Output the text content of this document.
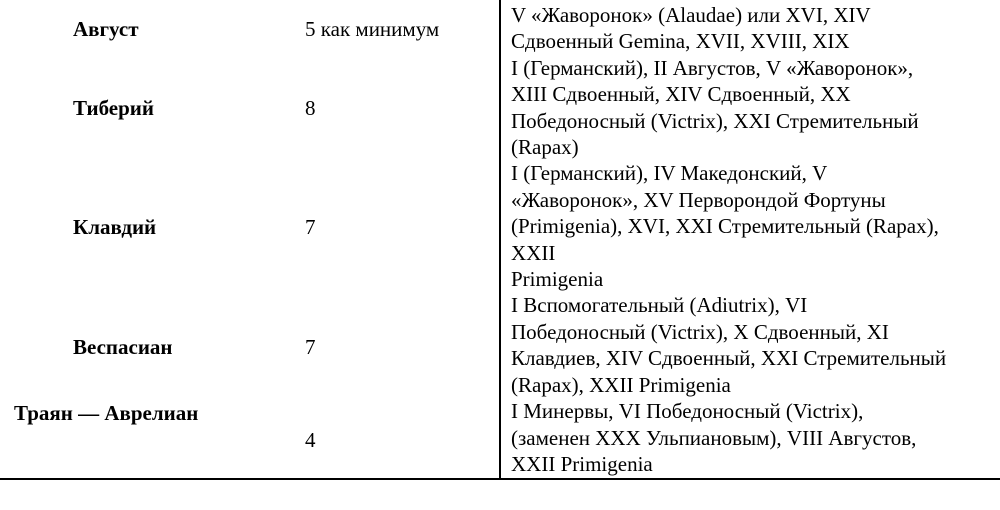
Август
Тиберий
Клавдий
Веспасиан
Траян — Аврелиан
5 как минимум
8
7
7
4
V «Жаворонок» (Alaudae) или XVI, XIV
Сдвоенный Gemina, XVII, XVIII, XIX
I (Германский), II Августов, V «Жаворонок»,
XIII Сдвоенный, XIV Сдвоенный, XX
Победоносный (Victrix), XXI Стремительный
(Rapax)
I (Германский), IV Македонский, V
«Жаворонок», XV Перворондой Фортуны
(Primigenia), XVI, XXI Стремительный (Rapax),
XXII
Primigenia
I Вспомогательный (Adiutrix), VI
Победоносный (Victrix), X Сдвоенный, XI
Клавдиев, XIV Сдвоенный, XXI Стремительный
(Rapax), XXII Primigenia
I Минервы, VI Победоносный (Victrix),
(заменен XXX Ульпиановым), VIII Августов,
XXII Primigenia
